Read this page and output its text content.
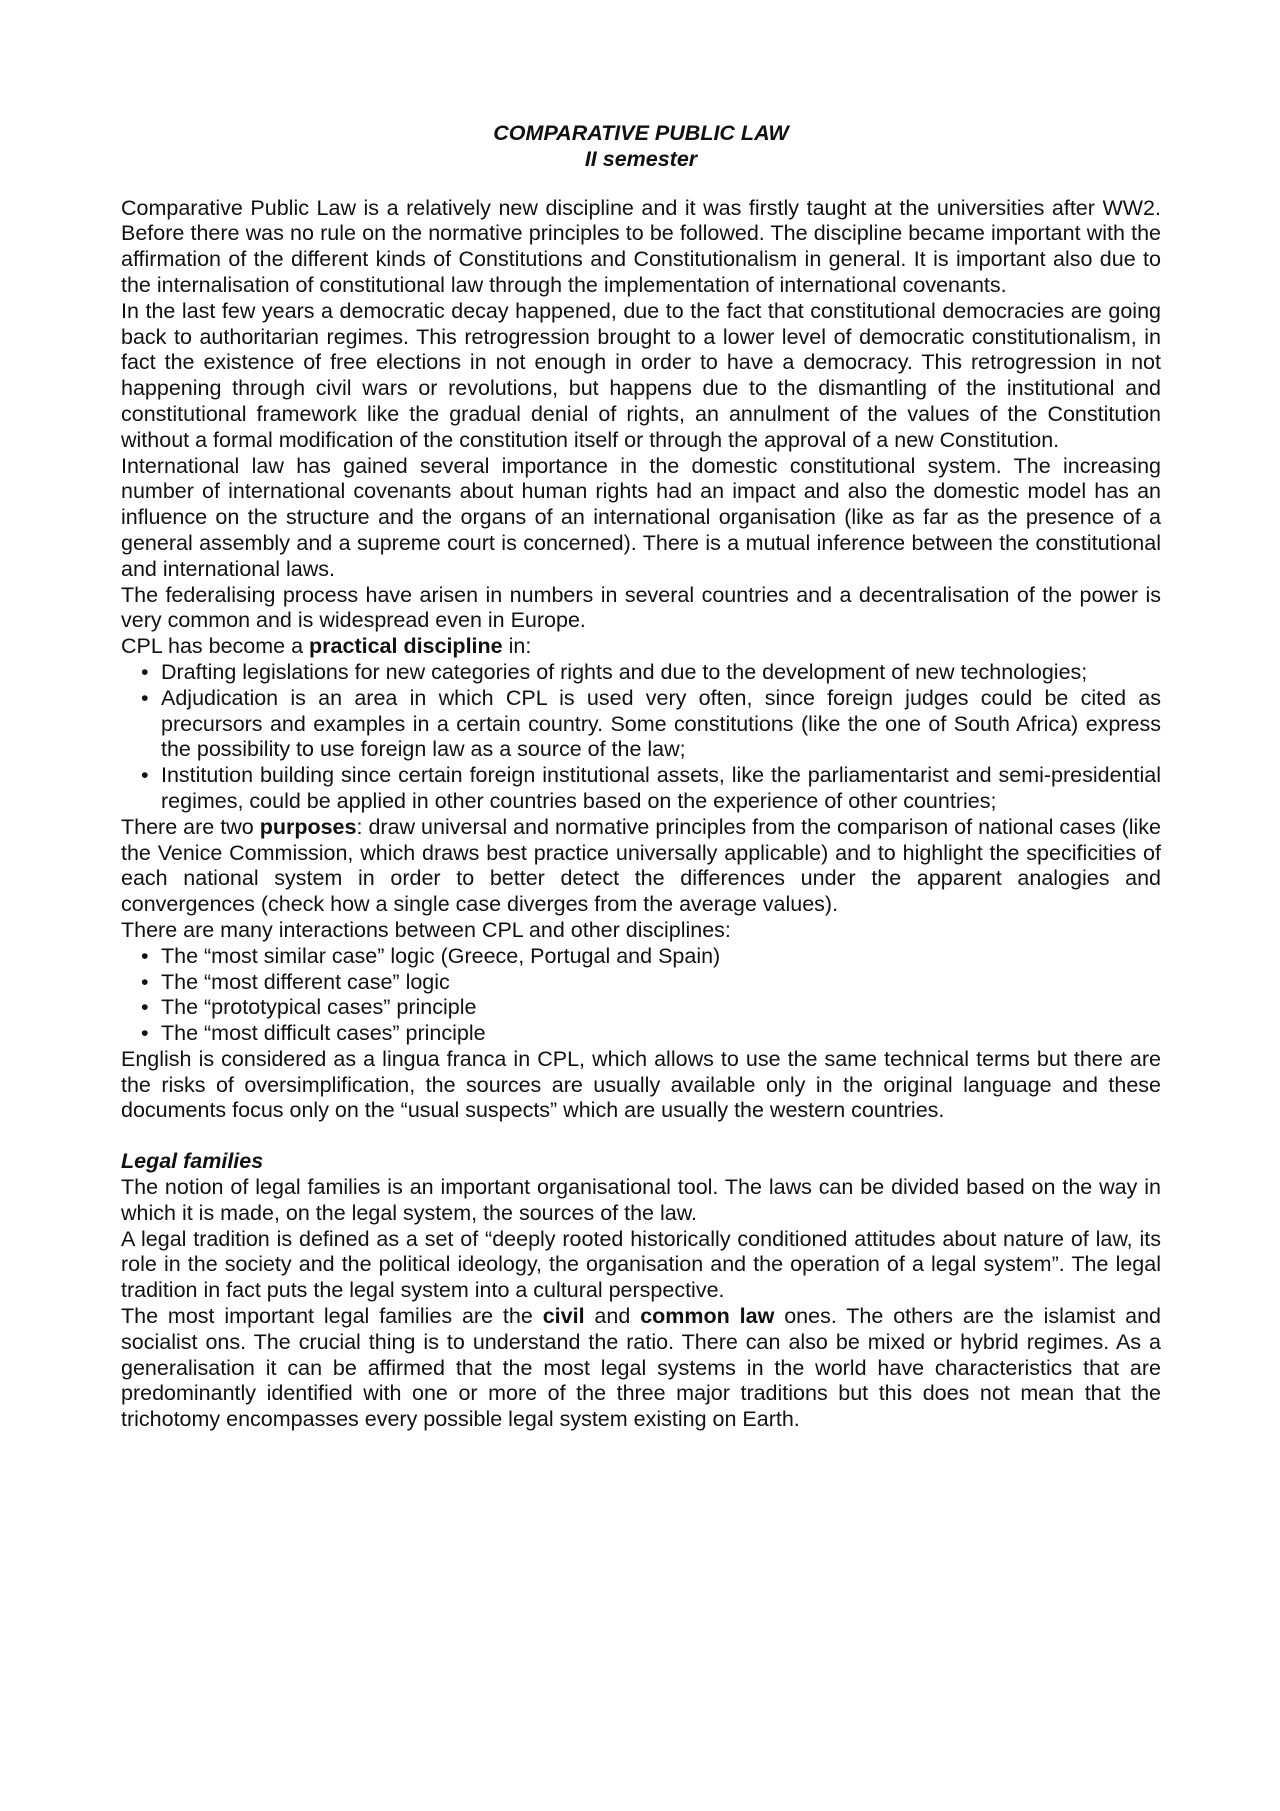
COMPARATIVE PUBLIC LAW
II semester

Comparative Public Law is a relatively new discipline and it was firstly taught at the universities after WW2. Before there was no rule on the normative principles to be followed. The discipline became important with the affirmation of the different kinds of Constitutions and Constitutionalism in general. It is important also due to the internalisation of constitutional law through the implementation of international covenants.

In the last few years a democratic decay happened, due to the fact that constitutional democracies are going back to authoritarian regimes. This retrogression brought to a lower level of democratic constitutionalism, in fact the existence of free elections in not enough in order to have a democracy. This retrogression in not happening through civil wars or revolutions, but happens due to the dismantling of the institutional and constitutional framework like the gradual denial of rights, an annulment of the values of the Constitution without a formal modification of the constitution itself or through the approval of a new Constitution.

International law has gained several importance in the domestic constitutional system. The increasing number of international covenants about human rights had an impact and also the domestic model has an influence on the structure and the organs of an international organisation (like as far as the presence of a general assembly and a supreme court is concerned). There is a mutual inference between the constitutional and international laws.

The federalising process have arisen in numbers in several countries and a decentralisation of the power is very common and is widespread even in Europe.

CPL has become a practical discipline in:

• Drafting legislations for new categories of rights and due to the development of new technologies;
• Adjudication is an area in which CPL is used very often, since foreign judges could be cited as precursors and examples in a certain country. Some constitutions (like the one of South Africa) express the possibility to use foreign law as a source of the law;
• Institution building since certain foreign institutional assets, like the parliamentarist and semi-presidential regimes, could be applied in other countries based on the experience of other countries;

There are two purposes: draw universal and normative principles from the comparison of national cases (like the Venice Commission, which draws best practice universally applicable) and to highlight the specificities of each national system in order to better detect the differences under the apparent analogies and convergences (check how a single case diverges from the average values).

There are many interactions between CPL and other disciplines:

• The “most similar case” logic (Greece, Portugal and Spain)
• The “most different case” logic
• The “prototypical cases” principle
• The “most difficult cases” principle

English is considered as a lingua franca in CPL, which allows to use the same technical terms but there are the risks of oversimplification, the sources are usually available only in the original language and these documents focus only on the “usual suspects” which are usually the western countries.

Legal families

The notion of legal families is an important organisational tool. The laws can be divided based on the way in which it is made, on the legal system, the sources of the law.

A legal tradition is defined as a set of “deeply rooted historically conditioned attitudes about nature of law, its role in the society and the political ideology, the organisation and the operation of a legal system”. The legal tradition in fact puts the legal system into a cultural perspective.

The most important legal families are the civil and common law ones. The others are the islamist and socialist ons. The crucial thing is to understand the ratio. There can also be mixed or hybrid regimes. As a generalisation it can be affirmed that the most legal systems in the world have characteristics that are predominantly identified with one or more of the three major traditions but this does not mean that the trichotomy encompasses every possible legal system existing on Earth.
